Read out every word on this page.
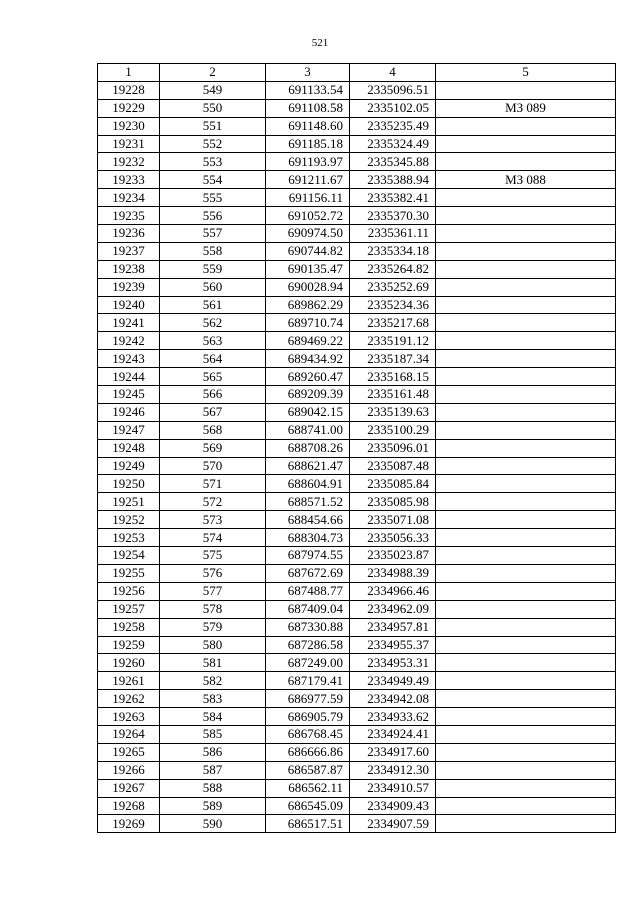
521
1	2	3	4	5
19228	549	691133.54	2335096.51	
19229	550	691108.58	2335102.05	МЗ 089
19230	551	691148.60	2335235.49	
19231	552	691185.18	2335324.49	
19232	553	691193.97	2335345.88	
19233	554	691211.67	2335388.94	МЗ 088
19234	555	691156.11	2335382.41	
19235	556	691052.72	2335370.30	
19236	557	690974.50	2335361.11	
19237	558	690744.82	2335334.18	
19238	559	690135.47	2335264.82	
19239	560	690028.94	2335252.69	
19240	561	689862.29	2335234.36	
19241	562	689710.74	2335217.68	
19242	563	689469.22	2335191.12	
19243	564	689434.92	2335187.34	
19244	565	689260.47	2335168.15	
19245	566	689209.39	2335161.48	
19246	567	689042.15	2335139.63	
19247	568	688741.00	2335100.29	
19248	569	688708.26	2335096.01	
19249	570	688621.47	2335087.48	
19250	571	688604.91	2335085.84	
19251	572	688571.52	2335085.98	
19252	573	688454.66	2335071.08	
19253	574	688304.73	2335056.33	
19254	575	687974.55	2335023.87	
19255	576	687672.69	2334988.39	
19256	577	687488.77	2334966.46	
19257	578	687409.04	2334962.09	
19258	579	687330.88	2334957.81	
19259	580	687286.58	2334955.37	
19260	581	687249.00	2334953.31	
19261	582	687179.41	2334949.49	
19262	583	686977.59	2334942.08	
19263	584	686905.79	2334933.62	
19264	585	686768.45	2334924.41	
19265	586	686666.86	2334917.60	
19266	587	686587.87	2334912.30	
19267	588	686562.11	2334910.57	
19268	589	686545.09	2334909.43	
19269	590	686517.51	2334907.59	
